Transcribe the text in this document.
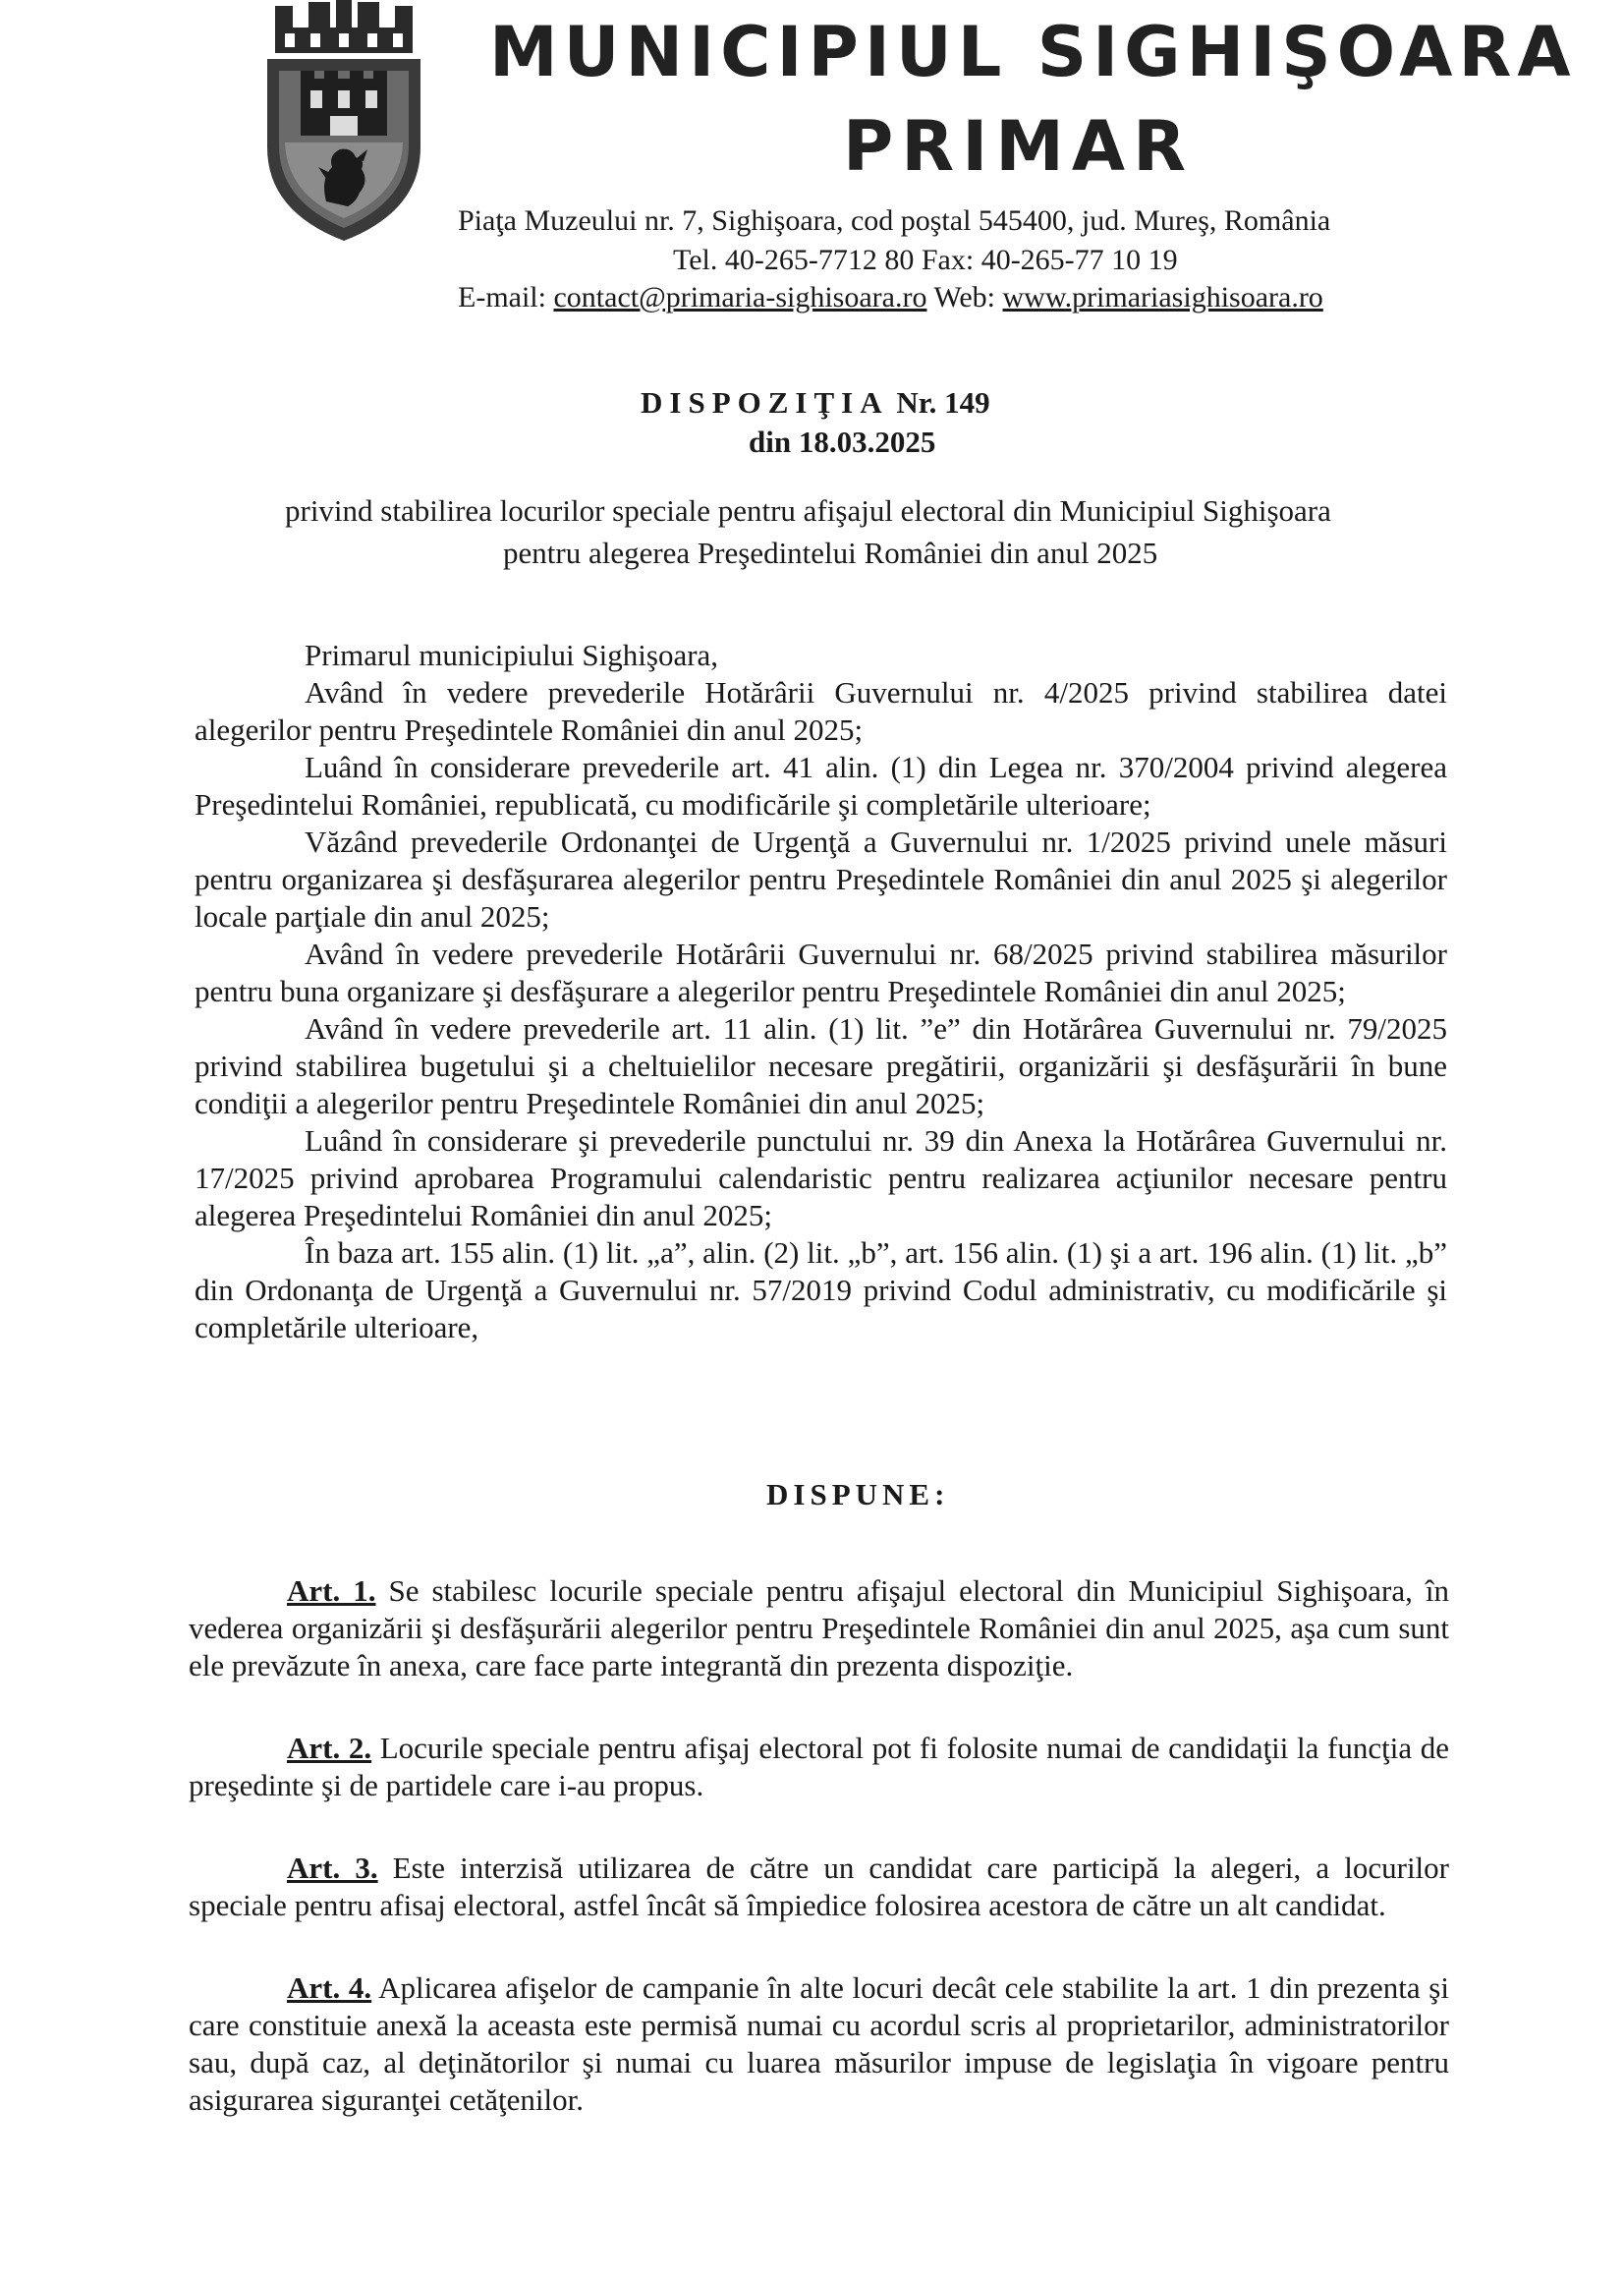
MUNICIPIUL SIGHIŞOARA
PRIMAR
Piaţa Muzeului nr. 7, Sighişoara, cod poştal 545400, jud. Mureş, România
Tel. 40-265-7712 80 Fax: 40-265-77 10 19
E-mail: contact@primaria-sighisoara.ro Web: www.primariasighisoara.ro
DISPOZIŢIA Nr. 149
din 18.03.2025
privind stabilirea locurilor speciale pentru afişajul electoral din Municipiul Sighişoara
pentru alegerea Preşedintelui României din anul 2025

Primarul municipiului Sighişoara,

Având în vedere prevederile Hotărârii Guvernului nr. 4/2025 privind stabilirea datei alegerilor pentru Preşedintele României din anul 2025;

Luând în considerare prevederile art. 41 alin. (1) din Legea nr. 370/2004 privind alegerea Preşedintelui României, republicată, cu modificările şi completările ulterioare;

Văzând prevederile Ordonanţei de Urgenţă a Guvernului nr. 1/2025 privind unele măsuri pentru organizarea şi desfăşurarea alegerilor pentru Preşedintele României din anul 2025 şi alegerilor locale parţiale din anul 2025;

Având în vedere prevederile Hotărârii Guvernului nr. 68/2025 privind stabilirea măsurilor pentru buna organizare şi desfăşurare a alegerilor pentru Preşedintele României din anul 2025;

Având în vedere prevederile art. 11 alin. (1) lit. ”e” din Hotărârea Guvernului nr. 79/2025 privind stabilirea bugetului şi a cheltuielilor necesare pregătirii, organizării şi desfăşurării în bune condiţii a alegerilor pentru Preşedintele României din anul 2025;

Luând în considerare şi prevederile punctului nr. 39 din Anexa la Hotărârea Guvernului nr. 17/2025 privind aprobarea Programului calendaristic pentru realizarea acţiunilor necesare pentru alegerea Preşedintelui României din anul 2025;

În baza art. 155 alin. (1) lit. „a”, alin. (2) lit. „b”, art. 156 alin. (1) şi a art. 196 alin. (1) lit. „b” din Ordonanţa de Urgenţă a Guvernului nr. 57/2019 privind Codul administrativ, cu modificările şi completările ulterioare,

DISPUNE:

Art. 1. Se stabilesc locurile speciale pentru afişajul electoral din Municipiul Sighişoara, în vederea organizării şi desfăşurării alegerilor pentru Preşedintele României din anul 2025, aşa cum sunt ele prevăzute în anexa, care face parte integrantă din prezenta dispoziţie.

Art. 2. Locurile speciale pentru afişaj electoral pot fi folosite numai de candidaţii la funcţia de preşedinte şi de partidele care i-au propus.

Art. 3. Este interzisă utilizarea de către un candidat care participă la alegeri, a locurilor speciale pentru afisaj electoral, astfel încât să împiedice folosirea acestora de către un alt candidat.

Art. 4. Aplicarea afişelor de campanie în alte locuri decât cele stabilite la art. 1 din prezenta şi care constituie anexă la aceasta este permisă numai cu acordul scris al proprietarilor, administratorilor sau, după caz, al deţinătorilor şi numai cu luarea măsurilor impuse de legislaţia în vigoare pentru asigurarea siguranţei cetăţenilor.
